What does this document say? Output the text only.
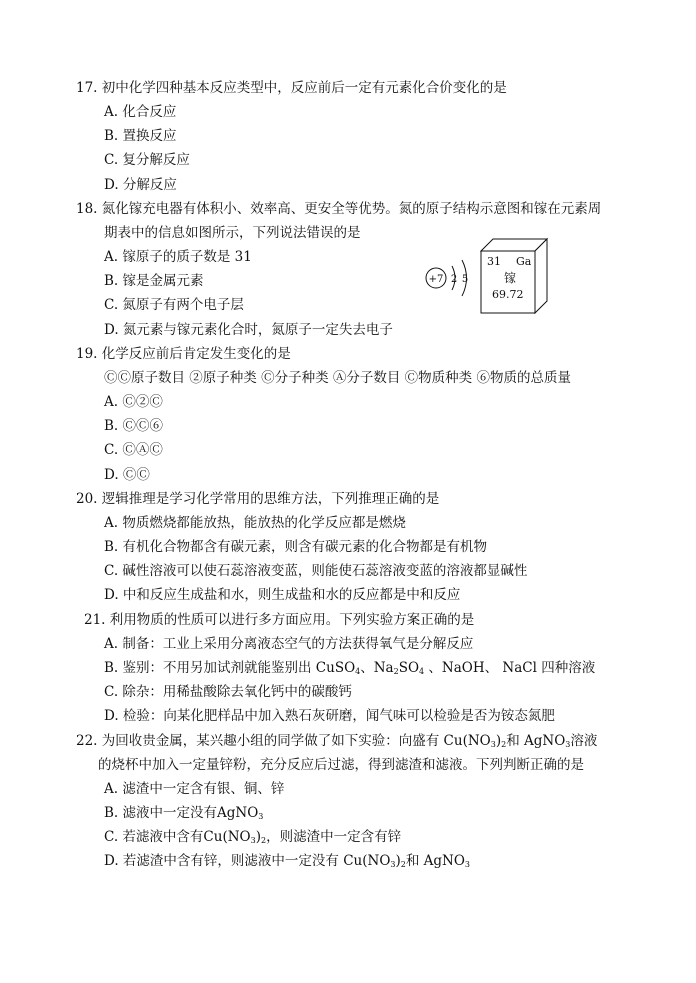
17. 初中化学四种基本反应类型中，反应前后一定有元素化合价变化的是
A. 化合反应
B. 置换反应
C. 复分解反应
D. 分解反应
18. 氮化镓充电器有体积小、效率高、更安全等优势。氮的原子结构示意图和镓在元素周
期表中的信息如图所示，下列说法错误的是
A. 镓原子的质子数是 31
B. 镓是金属元素
C. 氮原子有两个电子层
D. 氮元素与镓元素化合时，氮原子一定失去电子
+7 2 5
31 Ga
镓
69.72
19. 化学反应前后肯定发生变化的是
ⒸⒸ原子数目 ②原子种类 Ⓒ分子种类 Ⓐ分子数目 Ⓒ物质种类 ⑥物质的总质量
A. Ⓒ②Ⓒ
B. ⒸⒸ⑥
C. ⒸⒶⒸ
D. ⒸⒸ
20. 逻辑推理是学习化学常用的思维方法，下列推理正确的是
A. 物质燃烧都能放热，能放热的化学反应都是燃烧
B. 有机化合物都含有碳元素，则含有碳元素的化合物都是有机物
C. 碱性溶液可以使石蕊溶液变蓝，则能使石蕊溶液变蓝的溶液都显碱性
D. 中和反应生成盐和水，则生成盐和水的反应都是中和反应
21. 利用物质的性质可以进行多方面应用。下列实验方案正确的是
A. 制备：工业上采用分离液态空气的方法获得氧气是分解反应
B. 鉴别：不用另加试剂就能鉴别出 CuSO$_4$、$Na_2SO_4$ 、NaOH、 NaCl 四种溶液
C. 除杂：用稀盐酸除去氧化钙中的碳酸钙
D. 检验：向某化肥样品中加入熟石灰研磨，闻气味可以检验是否为铵态氮肥
22. 为回收贵金属，某兴趣小组的同学做了如下实验：向盛有 $Cu(NO_3)_2$和 AgNO$_3$溶液
的烧杯中加入一定量锌粉，充分反应后过滤，得到滤渣和滤液。下列判断正确的是
A. 滤渣中一定含有银、铜、锌
B. 滤液中一定没有AgNO$_3$
C. 若滤液中含有$Cu(NO_3)_2$，则滤渣中一定含有锌
D. 若滤渣中含有锌，则滤液中一定没有 $Cu(NO_3)_2$和 AgNO$_3$
